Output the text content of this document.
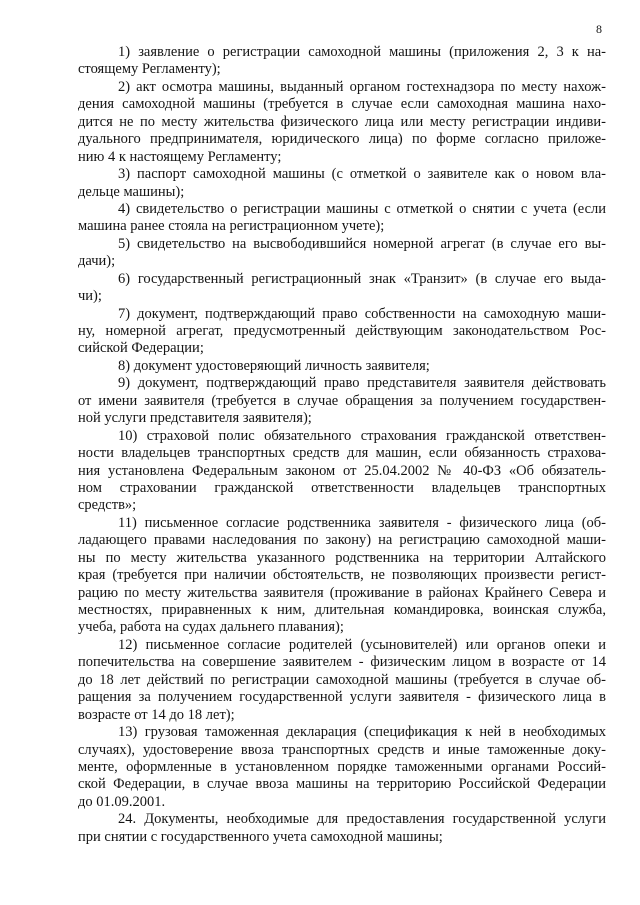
8
1) заявление о регистрации самоходной машины (приложения 2, 3 к на-
стоящему Регламенту);
2) акт осмотра машины, выданный органом гостехнадзора по месту нахож-
дения самоходной машины (требуется в случае если самоходная машина нахо-
дится не по месту жительства физического лица или месту регистрации индиви-
дуального предпринимателя, юридического лица) по форме согласно приложе-
нию 4 к настоящему Регламенту;
3) паспорт самоходной машины (с отметкой о заявителе как о новом вла-
дельце машины);
4) свидетельство о регистрации машины с отметкой о снятии с учета (если
машина ранее стояла на регистрационном учете);
5) свидетельство на высвободившийся номерной агрегат (в случае его вы-
дачи);
6) государственный регистрационный знак «Транзит» (в случае его выда-
чи);
7) документ, подтверждающий право собственности на самоходную маши-
ну, номерной агрегат, предусмотренный действующим законодательством Рос-
сийской Федерации;
8) документ удостоверяющий личность заявителя;
9) документ, подтверждающий право представителя заявителя действовать
от имени заявителя (требуется в случае обращения за получением государствен-
ной услуги представителя заявителя);
10) страховой полис обязательного страхования гражданской ответствен-
ности владельцев транспортных средств для машин, если обязанность страхова-
ния установлена Федеральным законом от 25.04.2002 № 40-ФЗ «Об обязатель-
ном страховании гражданской ответственности владельцев транспортных
средств»;
11) письменное согласие родственника заявителя - физического лица (об-
ладающего правами наследования по закону) на регистрацию самоходной маши-
ны по месту жительства указанного родственника на территории Алтайского
края (требуется при наличии обстоятельств, не позволяющих произвести регист-
рацию по месту жительства заявителя (проживание в районах Крайнего Севера и
местностях, приравненных к ним, длительная командировка, воинская служба,
учеба, работа на судах дальнего плавания);
12) письменное согласие родителей (усыновителей) или органов опеки и
попечительства на совершение заявителем - физическим лицом в возрасте от 14
до 18 лет действий по регистрации самоходной машины (требуется в случае об-
ращения за получением государственной услуги заявителя - физического лица в
возрасте от 14 до 18 лет);
13) грузовая таможенная декларация (спецификация к ней в необходимых
случаях), удостоверение ввоза транспортных средств и иные таможенные доку-
менте, оформленные в установленном порядке таможенными органами Россий-
ской Федерации, в случае ввоза машины на территорию Российской Федерации
до 01.09.2001.
24. Документы, необходимые для предоставления государственной услуги
при снятии с государственного учета самоходной машины;
